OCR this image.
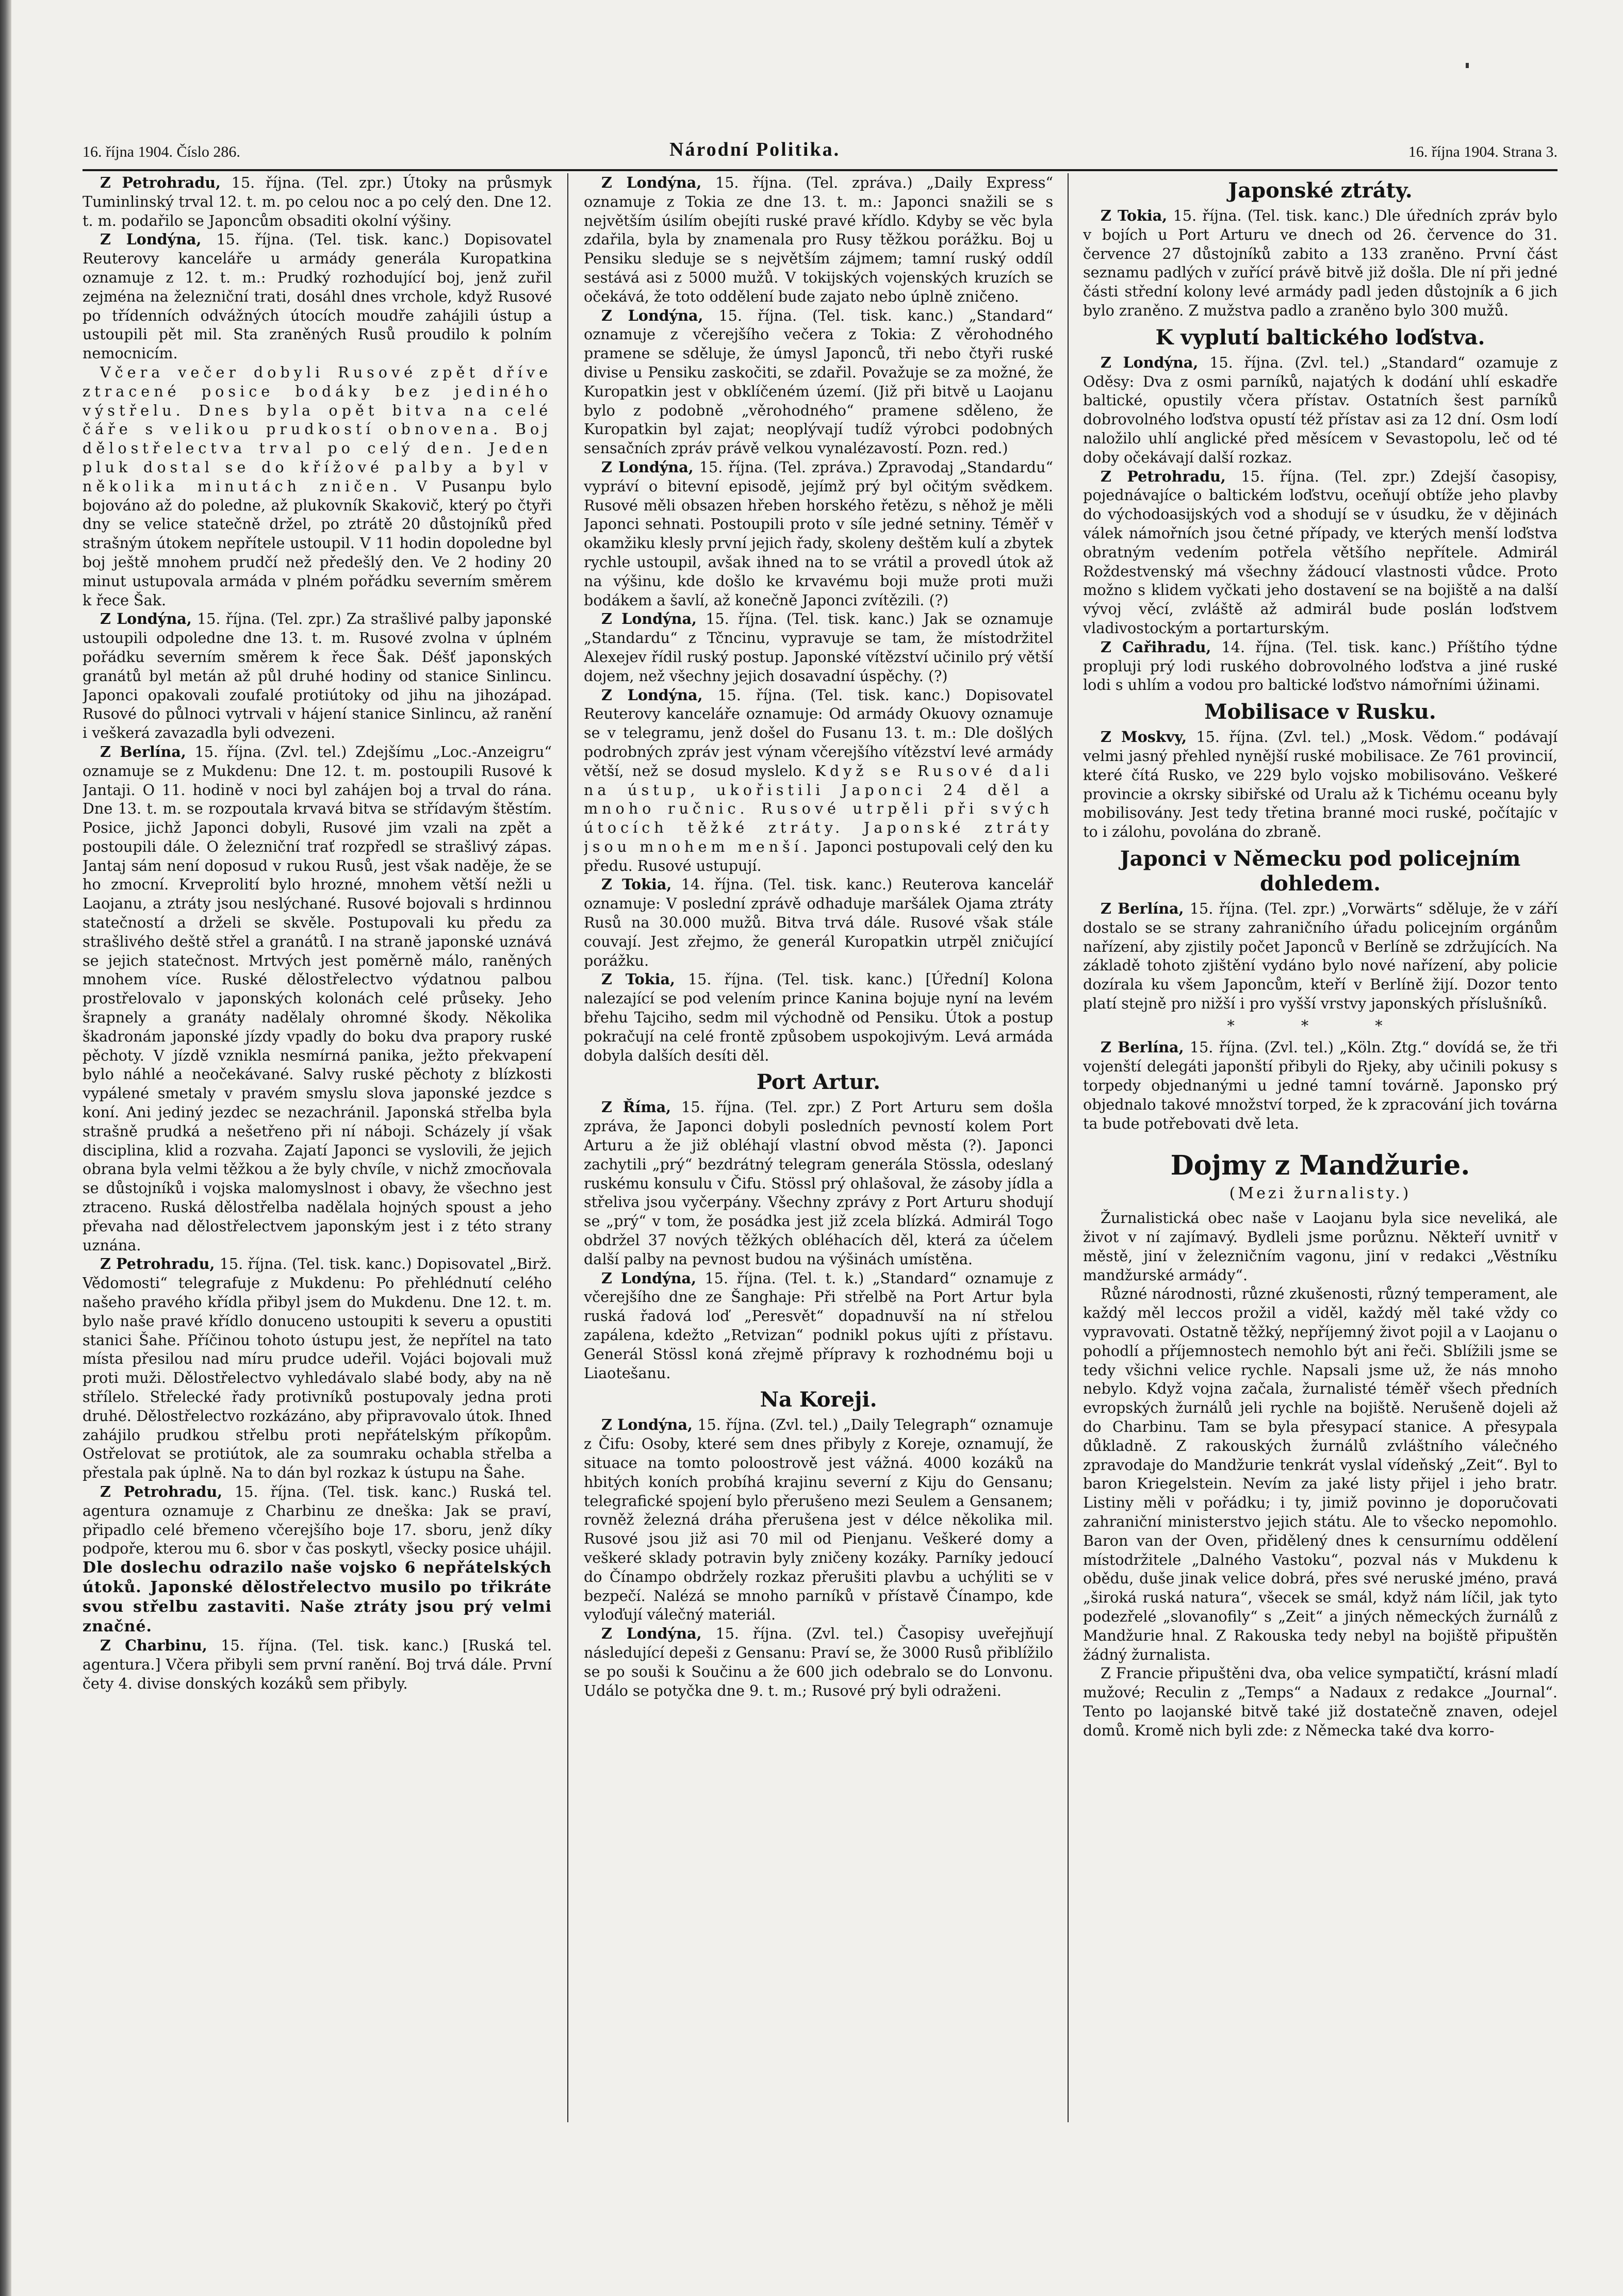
16. října 1904. Číslo 286.	Národní Politika.	16. října 1904. Strana 3.

Z Petrohradu, 15. října. (Tel. zpr.) Útoky na průsmyk Tuminlinský trval 12. t. m. po celou noc a po celý den. Dne 12. t. m. podařilo se Japoncům obsaditi okolní výšiny.

Z Londýna, 15. října. (Tel. tisk. kanc.) Dopisovatel Reuterovy kanceláře u armády generála Kuropatkina oznamuje z 12. t. m.: Prudký rozhodující boj, jenž zuřil zejména na železniční trati, dosáhl dnes vrchole, když Rusové po třídenních odvážných útocích moudře zahájili ústup a ustoupili pět mil. Sta zraněných Rusů proudilo k polním nemocnicím.

Včera večer dobyli Rusové zpět dříve ztracené posice bodáky bez jediného výstřelu. Dnes byla opět bitva na celé čáře s velikou prudkostí obnovena. Boj dělostřelectva trval po celý den. Jeden pluk dostal se do křížové palby a byl v několika minutách zničen. V Pusanpu bylo bojováno až do poledne, až plukovník Skakovič, který po čtyři dny se velice statečně držel, po ztrátě 20 důstojníků před strašným útokem nepřítele ustoupil. V 11 hodin dopoledne byl boj ještě mnohem prudčí než předešlý den. Ve 2 hodiny 20 minut ustupovala armáda v plném pořádku severním směrem k řece Šak.

Z Londýna, 15. října. (Tel. zpr.) Za strašlivé palby japonské ustoupili odpoledne dne 13. t. m. Rusové zvolna v úplném pořádku severním směrem k řece Šak. Déšť japonských granátů byl metán až půl druhé hodiny od stanice Sinlincu. Japonci opakovali zoufalé protiútoky od jihu na jihozápad. Rusové do půlnoci vytrvali v hájení stanice Sinlincu, až ranění i veškerá zavazadla byli odvezeni.

Z Berlína, 15. října. (Zvl. tel.) Zdejšímu „Loc.-Anzeigru“ oznamuje se z Mukdenu: Dne 12. t. m. postoupili Rusové k Jantaji. O 11. hodině v noci byl zahájen boj a trval do rána. Dne 13. t. m. se rozpoutala krvavá bitva se střídavým štěstím. Posice, jichž Japonci dobyli, Rusové jim vzali na zpět a postoupili dále. O železniční trať rozpředl se strašlivý zápas. Jantaj sám není doposud v rukou Rusů, jest však naděje, že se ho zmocní. Krveprolití bylo hrozné, mnohem větší nežli u Laojanu, a ztráty jsou neslýchané. Rusové bojovali s hrdinnou statečností a drželi se skvěle. Postupovali ku předu za strašlivého deště střel a granátů. I na straně japonské uznává se jejich statečnost. Mrtvých jest poměrně málo, raněných mnohem více. Ruské dělostřelectvo výdatnou palbou prostřelovalo v japonských kolonách celé průseky. Jeho šrapnely a granáty nadělaly ohromné škody. Několika škadronám japonské jízdy vpadly do boku dva prapory ruské pěchoty. V jízdě vznikla nesmírná panika, ježto překvapení bylo náhlé a neočekávané. Salvy ruské pěchoty z blízkosti vypálené smetaly v pravém smyslu slova japonské jezdce s koní. Ani jediný jezdec se nezachránil. Japonská střelba byla strašně prudká a nešetřeno při ní náboji. Scházely jí však disciplina, klid a rozvaha. Zajatí Japonci se vyslovili, že jejich obrana byla velmi těžkou a že byly chvíle, v nichž zmocňovala se důstojníků i vojska malomyslnost i obavy, že všechno jest ztraceno. Ruská dělostřelba nadělala hojných spoust a jeho převaha nad dělostřelectvem japonským jest i z této strany uznána.

Z Petrohradu, 15. října. (Tel. tisk. kanc.) Dopisovatel „Birž. Vědomosti“ telegrafuje z Mukdenu: Po přehlédnutí celého našeho pravého křídla přibyl jsem do Mukdenu. Dne 12. t. m. bylo naše pravé křídlo donuceno ustoupiti k severu a opustiti stanici Šahe. Příčinou tohoto ústupu jest, že nepřítel na tato místa přesilou nad míru prudce udeřil. Vojáci bojovali muž proti muži. Dělostřelectvo vyhledávalo slabé body, aby na ně střílelo. Střelecké řady protivníků postupovaly jedna proti druhé. Dělostřelectvo rozkázáno, aby připravovalo útok. Ihned zahájilo prudkou střelbu proti nepřátelským příkopům. Ostřelovat se protiútok, ale za soumraku ochabla střelba a přestala pak úplně. Na to dán byl rozkaz k ústupu na Šahe.

Z Petrohradu, 15. října. (Tel. tisk. kanc.) Ruská tel. agentura oznamuje z Charbinu ze dneška: Jak se praví, připadlo celé břemeno včerejšího boje 17. sboru, jenž díky podpoře, kterou mu 6. sbor v čas poskytl, všecky posice uhájil. Dle doslechu odrazilo naše vojsko 6 nepřátelských útoků. Japonské dělostřelectvo musilo po třikráte svou střelbu zastaviti. Naše ztráty jsou prý velmi značné.

Z Charbinu, 15. října. (Tel. tisk. kanc.) [Ruská tel. agentura.] Včera přibyli sem první ranění. Boj trvá dále. První čety 4. divise donských kozáků sem přibyly.

Z Londýna, 15. října. (Tel. zpráva.) „Daily Express“ oznamuje z Tokia ze dne 13. t. m.: Japonci snažili se s největším úsilím obejíti ruské pravé křídlo. Kdyby se věc byla zdařila, byla by znamenala pro Rusy těžkou porážku. Boj u Pensiku sleduje se s největším zájmem; tamní ruský oddíl sestává asi z 5000 mužů. V tokijských vojenských kruzích se očekává, že toto oddělení bude zajato nebo úplně zničeno.

Z Londýna, 15. října. (Tel. tisk. kanc.) „Standard“ oznamuje z včerejšího večera z Tokia: Z věrohodného pramene se sděluje, že úmysl Japonců, tři nebo čtyři ruské divise u Pensiku zaskočiti, se zdařil. Považuje se za možné, že Kuropatkin jest v obklíčeném území. (Již při bitvě u Laojanu bylo z podobně „věrohodného“ pramene sděleno, že Kuropatkin byl zajat; neoplývají tudíž výrobci podobných sensačních zpráv právě velkou vynalézavostí. Pozn. red.)

Z Londýna, 15. října. (Tel. zpráva.) Zpravodaj „Standardu“ vypráví o bitevní episodě, jejímž prý byl očitým svědkem. Rusové měli obsazen hřeben horského řetězu, s něhož je měli Japonci sehnati. Postoupili proto v síle jedné setniny. Téměř v okamžiku klesly první jejich řady, skoleny deštěm kulí a zbytek rychle ustoupil, avšak ihned na to se vrátil a provedl útok až na výšinu, kde došlo ke krvavému boji muže proti muži bodákem a šavlí, až konečně Japonci zvítězili. (?)

Z Londýna, 15. října. (Tel. tisk. kanc.) Jak se oznamuje „Standardu“ z Tčncinu, vypravuje se tam, že místodržitel Alexejev řídil ruský postup. Japonské vítězství učinilo prý větší dojem, než všechny jejich dosavadní úspěchy. (?)

Z Londýna, 15. října. (Tel. tisk. kanc.) Dopisovatel Reuterovy kanceláře oznamuje: Od armády Okuovy oznamuje se v telegramu, jenž došel do Fusanu 13. t. m.: Dle došlých podrobných zpráv jest výnam včerejšího vítězství levé armády větší, než se dosud myslelo. Když se Rusové dali na ústup, ukořistili Japonci 24 děl a mnoho ručnic. Rusové utrpěli při svých útocích těžké ztráty. Japonské ztráty jsou mnohem menší. Japonci postupovali celý den ku předu. Rusové ustupují.

Z Tokia, 14. října. (Tel. tisk. kanc.) Reuterova kancelář oznamuje: V poslední zprávě odhaduje maršálek Ojama ztráty Rusů na 30.000 mužů. Bitva trvá dále. Rusové však stále couvají. Jest zřejmo, že generál Kuropatkin utrpěl zničující porážku.

Z Tokia, 15. října. (Tel. tisk. kanc.) [Úřední] Kolona nalezající se pod velením prince Kanina bojuje nyní na levém břehu Tajciho, sedm mil východně od Pensiku. Útok a postup pokračují na celé frontě způsobem uspokojivým. Levá armáda dobyla dalších desíti děl.

Port Artur.

Z Říma, 15. října. (Tel. zpr.) Z Port Arturu sem došla zpráva, že Japonci dobyli posledních pevností kolem Port Arturu a že již obléhají vlastní obvod města (?). Japonci zachytili „prý“ bezdrátný telegram generála Stössla, odeslaný ruskému konsulu v Čifu. Stössl prý ohlašoval, že zásoby jídla a střeliva jsou vyčerpány. Všechny zprávy z Port Arturu shodují se „prý“ v tom, že posádka jest již zcela blízká. Admirál Togo obdržel 37 nových těžkých obléhacích děl, která za účelem další palby na pevnost budou na výšinách umístěna.

Z Londýna, 15. října. (Tel. t. k.) „Standard“ oznamuje z včerejšího dne ze Šanghaje: Při střelbě na Port Artur byla ruská řadová loď „Peresvět“ dopadnuvší na ní střelou zapálena, kdežto „Retvizan“ podnikl pokus ujíti z přístavu. Generál Stössl koná zřejmě přípravy k rozhodnému boji u Liaotešanu.

Na Koreji.

Z Londýna, 15. října. (Zvl. tel.) „Daily Telegraph“ oznamuje z Čifu: Osoby, které sem dnes přibyly z Koreje, oznamují, že situace na tomto poloostrově jest vážná. 4000 kozáků na hbitých koních probíhá krajinu severní z Kiju do Gensanu; telegrafické spojení bylo přerušeno mezi Seulem a Gensanem; rovněž železná dráha přerušena jest v délce několika mil. Rusové jsou již asi 70 mil od Pienjanu. Veškeré domy a veškeré sklady potravin byly zničeny kozáky. Parníky jedoucí do Čínampo obdržely rozkaz přerušiti plavbu a uchýliti se v bezpečí. Nalézá se mnoho parníků v přístavě Čínampo, kde vyloďují válečný materiál.

Z Londýna, 15. října. (Zvl. tel.) Časopisy uveřejňují následující depeši z Gensanu: Praví se, že 3000 Rusů přiblížilo se po souši k Součinu a že 600 jich odebralo se do Lonvonu. Událo se potyčka dne 9. t. m.; Rusové prý byli odraženi.

Japonské ztráty.

Z Tokia, 15. října. (Tel. tisk. kanc.) Dle úředních zpráv bylo v bojích u Port Arturu ve dnech od 26. července do 31. července 27 důstojníků zabito a 133 zraněno. První část seznamu padlých v zuřící právě bitvě již došla. Dle ní při jedné části střední kolony levé armády padl jeden důstojník a 6 jich bylo zraněno. Z mužstva padlo a zraněno bylo 300 mužů.

K vyplutí baltického loďstva.

Z Londýna, 15. října. (Zvl. tel.) „Standard“ ozamuje z Oděsy: Dva z osmi parníků, najatých k dodání uhlí eskadře baltické, opustily včera přístav. Ostatních šest parníků dobrovolného loďstva opustí též přístav asi za 12 dní. Osm lodí naložilo uhlí anglické před měsícem v Sevastopolu, leč od té doby očekávají další rozkaz.

Z Petrohradu, 15. října. (Tel. zpr.) Zdejší časopisy, pojednávajíce o baltickém loďstvu, oceňují obtíže jeho plavby do východoasijských vod a shodují se v úsudku, že v dějinách válek námořních jsou četné případy, ve kterých menší loďstva obratným vedením potřela většího nepřítele. Admirál Roždestvenský má všechny žádoucí vlastnosti vůdce. Proto možno s klidem vyčkati jeho dostavení se na bojiště a na další vývoj věcí, zvláště až admirál bude poslán loďstvem vladivostockým a portarturským.

Z Cařihradu, 14. října. (Tel. tisk. kanc.) Příštího týdne propluji prý lodi ruského dobrovolného loďstva a jiné ruské lodi s uhlím a vodou pro baltické loďstvo námořními úžinami.

Mobilisace v Rusku.

Z Moskvy, 15. října. (Zvl. tel.) „Mosk. Vědom.“ podávají velmi jasný přehled nynější ruské mobilisace. Ze 761 provincií, které čítá Rusko, ve 229 bylo vojsko mobilisováno. Veškeré provincie a okrsky sibiřské od Uralu až k Tichému oceanu byly mobilisovány. Jest tedy třetina branné moci ruské, počítajíc v to i zálohu, povolána do zbraně.

Japonci v Německu pod policejním dohledem.

Z Berlína, 15. října. (Tel. zpr.) „Vorwärts“ sděluje, že v září dostalo se se strany zahraničního úřadu policejním orgánům nařízení, aby zjistily počet Japonců v Berlíně se zdržujících. Na základě tohoto zjištění vydáno bylo nové nařízení, aby policie dozírala ku všem Japoncům, kteří v Berlíně žijí. Dozor tento platí stejně pro nižší i pro vyšší vrstvy japonských příslušníků.

* * *

Z Berlína, 15. října. (Zvl. tel.) „Köln. Ztg.“ dovídá se, že tři vojenští delegáti japonští přibyli do Rjeky, aby učinili pokusy s torpedy objednanými u jedné tamní továrně. Japonsko prý objednalo takové množství torped, že k zpracování jich továrna ta bude potřebovati dvě leta.

Dojmy z Mandžurie.
(Mezi žurnalisty.)

Žurnalistická obec naše v Laojanu byla sice neveliká, ale život v ní zajímavý. Bydleli jsme porůznu. Někteří uvnitř v městě, jiní v železničním vagonu, jiní v redakci „Věstníku mandžurské armády“.

Různé národnosti, různé zkušenosti, různý temperament, ale každý měl leccos prožil a viděl, každý měl také vždy co vypravovati. Ostatně těžký, nepříjemný život pojil a v Laojanu o pohodlí a příjemnostech nemohlo být ani řeči. Sblížili jsme se tedy všichni velice rychle. Napsali jsme už, že nás mnoho nebylo. Když vojna začala, žurnalisté téměř všech předních evropských žurnálů jeli rychle na bojiště. Nerušeně dojeli až do Charbinu. Tam se byla přesypací stanice. A přesypala důkladně. Z rakouských žurnálů zvláštního válečného zpravodaje do Mandžurie tenkrát vyslal vídeňský „Zeit“. Byl to baron Kriegelstein. Nevím za jaké listy přijel i jeho bratr. Listiny měli v pořádku; i ty, jimiž povinno je doporučovati zahraniční ministerstvo jejich státu. Ale to všecko nepomohlo. Baron van der Oven, přidělený dnes k censurnímu oddělení místodržitele „Dalného Vastoku“, pozval nás v Mukdenu k obědu, duše jinak velice dobrá, přes své neruské jméno, pravá „široká ruská natura“, všecek se smál, když nám líčil, jak tyto podezřelé „slovanofily“ s „Zeit“ a jiných německých žurnálů z Mandžurie hnal. Z Rakouska tedy nebyl na bojiště připuštěn žádný žurnalista.

Z Francie připuštěni dva, oba velice sympatičtí, krásní mladí mužové; Reculin z „Temps“ a Nadaux z redakce „Journal“. Tento po laojanské bitvě také již dostatečně znaven, odejel domů. Kromě nich byli zde: z Německa také dva korro-
